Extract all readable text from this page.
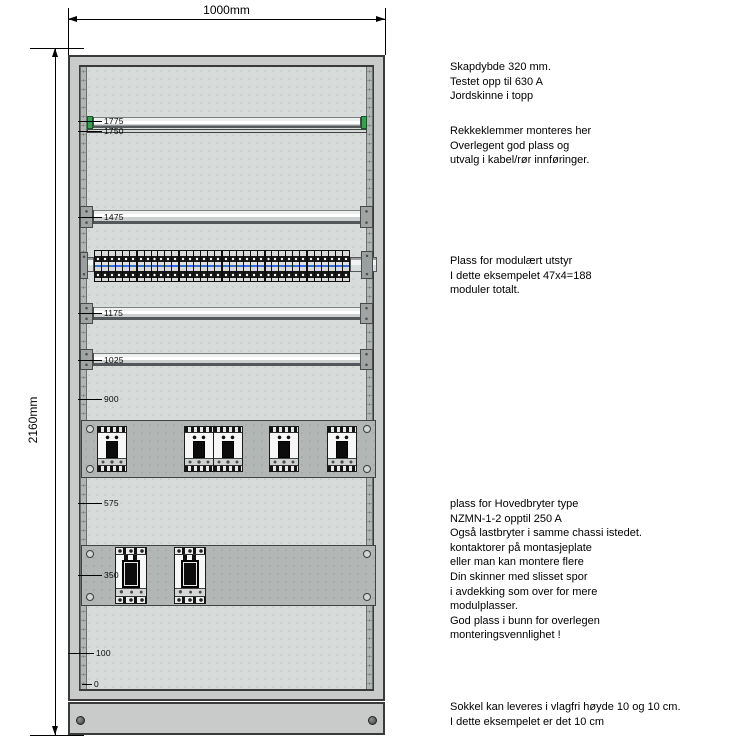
1000mm
2160mm
1775
1750
1475
1175
1025
900
575
350
100
0
Skapdybde 320 mm.
Testet opp til 630 A
Jordskinne i topp
Rekkeklemmer monteres her
Overlegent god plass og
utvalg i kabel/rør innføringer.
Plass for modulært utstyr
I dette eksempelet 47x4=188
moduler totalt.
plass for Hovedbryter type
NZMN-1-2 opptil 250 A
Også lastbryter i samme chassi istedet.
kontaktorer på montasjeplate
eller man kan montere flere
Din skinner med slisset spor
i avdekking som over for mere
modulplasser.
God plass i bunn for overlegen
monteringsvennlighet !
Sokkel kan leveres i vlagfri høyde 10 og 10 cm.
I dette eksempelet er det 10 cm
